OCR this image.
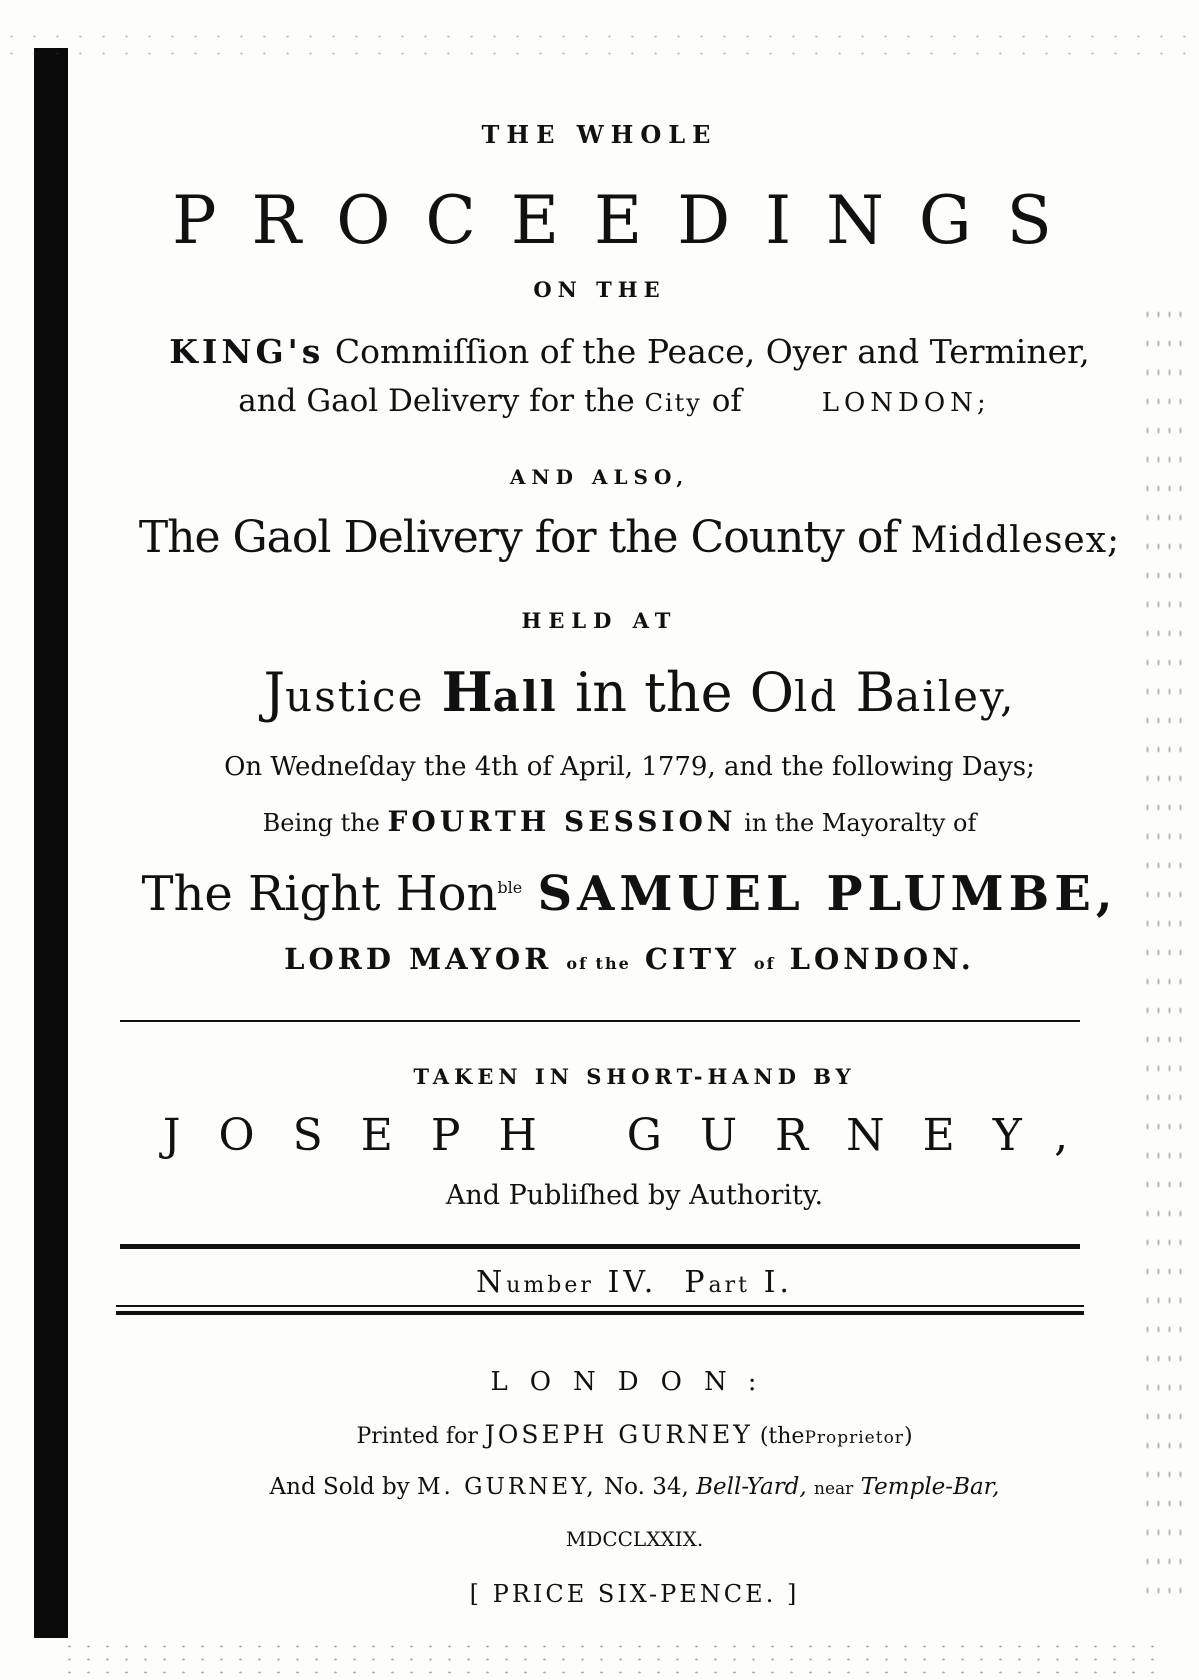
THE WHOLE
PROCEEDINGS
ON THE
KING's Commiſſion of the Peace, Oyer and Terminer,
and Gaol Delivery for the City of	LONDON;
AND ALSO,
The Gaol Delivery for the County of Middlesex;
HELD AT
Justice Hall in the Old Bailey,
On Wedneſday the 4th of April, 1779, and the following Days;
Being the FOURTH SESSION in the Mayoralty of
The Right Hon$^{ble}$ SAMUEL PLUMBE,
LORD MAYOR of the CITY of LONDON.
TAKEN IN SHORT-HAND BY
JOSEPH GURNEY,
And Publiſhed by Authority.
Number IV. Part I.
LONDON:
Printed for JOSEPH GURNEY (theProprietor)
And Sold by M. GURNEY, No. 34, Bell-Yard, near Temple-Bar,
MDCCLXXIX.
[ PRICE SIX-PENCE. ]
